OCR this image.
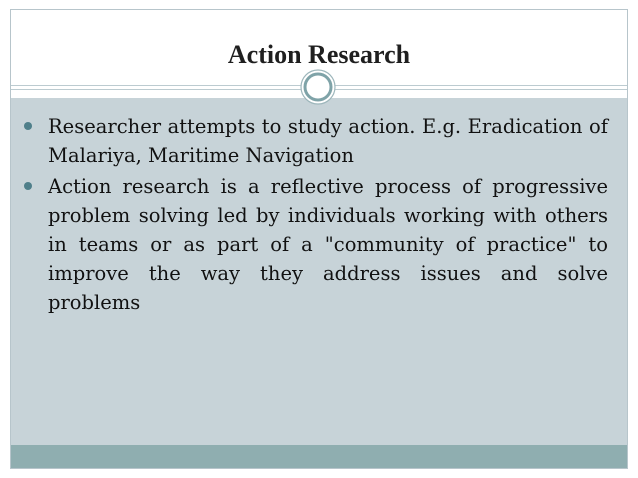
Action Research
Researcher attempts to study action. E.g. Eradication of Malariya, Maritime Navigation
Action research is a reflective process of progressive problem solving led by individuals working with others in teams or as part of a "community of practice" to improve the way they address issues and solve problems
